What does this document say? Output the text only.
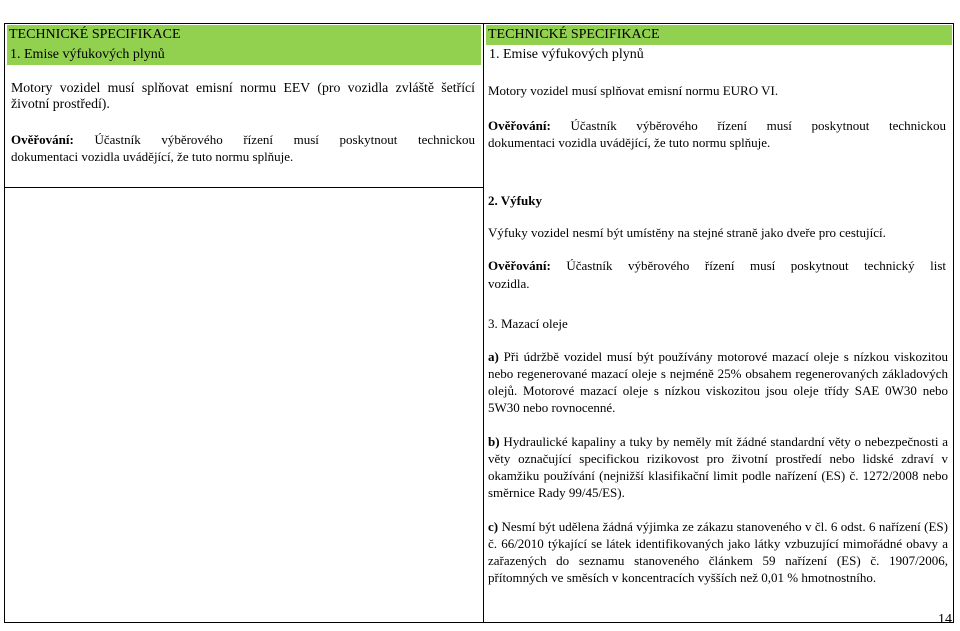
TECHNICKÉ SPECIFIKACE
1. Emise výfukových plynů
Motory vozidel musí splňovat emisní normu EEV (pro vozidla zvláště šetřící
životní prostředí).
Ověřování: Účastník výběrového řízení musí poskytnout technickou
dokumentaci vozidla uvádějící, že tuto normu splňuje.
TECHNICKÉ SPECIFIKACE
1. Emise výfukových plynů
Motory vozidel musí splňovat emisní normu EURO VI.
Ověřování: Účastník výběrového řízení musí poskytnout technickou
dokumentaci vozidla uvádějící, že tuto normu splňuje.
2. Výfuky
Výfuky vozidel nesmí být umístěny na stejné straně jako dveře pro cestující.
Ověřování: Účastník výběrového řízení musí poskytnout technický list
vozidla.
3. Mazací oleje
a) Při údržbě vozidel musí být používány motorové mazací oleje s nízkou viskozitou nebo regenerované mazací oleje s nejméně 25% obsahem regenerovaných základových olejů. Motorové mazací oleje s nízkou viskozitou jsou oleje třídy SAE 0W30 nebo 5W30 nebo rovnocenné.
b) Hydraulické kapaliny a tuky by neměly mít žádné standardní věty o nebezpečnosti a věty označující specifickou rizikovost pro životní prostředí nebo lidské zdraví v okamžiku používání (nejnižší klasifikační limit podle nařízení (ES) č. 1272/2008 nebo směrnice Rady 99/45/ES).
c) Nesmí být udělena žádná výjimka ze zákazu stanoveného v čl. 6 odst. 6 nařízení (ES) č. 66/2010 týkající se látek identifikovaných jako látky vzbuzující mimořádné obavy a zařazených do seznamu stanoveného článkem 59 nařízení (ES) č. 1907/2006, přítomných ve směsích v koncentracích vyšších než 0,01 % hmotnostního.
14
